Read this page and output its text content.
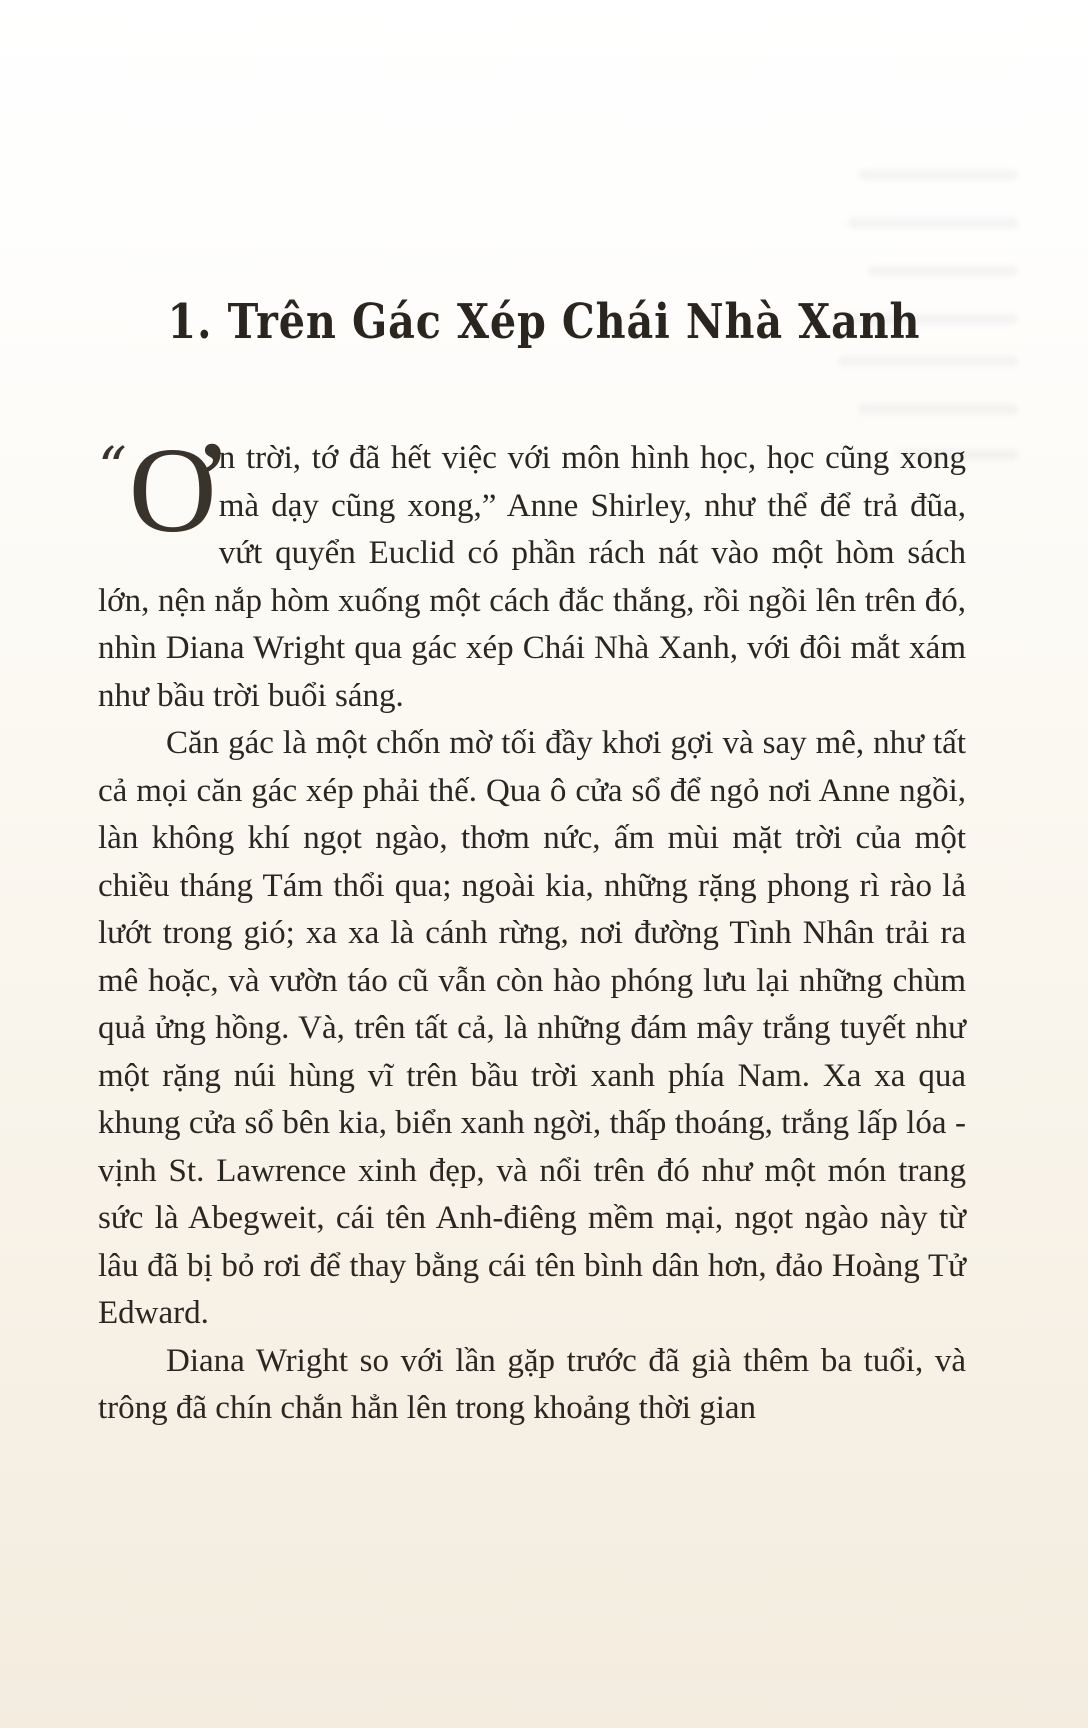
1. Trên Gác Xép Chái Nhà Xanh

“ Ơ n trời, tớ đã hết việc với môn hình học, học cũng xong mà dạy cũng xong,” Anne Shirley, như thể để trả đũa, vứt quyển Euclid có phần rách nát vào một hòm sách lớn, nện nắp hòm xuống một cách đắc thắng, rồi ngồi lên trên đó, nhìn Diana Wright qua gác xép Chái Nhà Xanh, với đôi mắt xám như bầu trời buổi sáng.

Căn gác là một chốn mờ tối đầy khơi gợi và say mê, như tất cả mọi căn gác xép phải thế. Qua ô cửa sổ để ngỏ nơi Anne ngồi, làn không khí ngọt ngào, thơm nức, ấm mùi mặt trời của một chiều tháng Tám thổi qua; ngoài kia, những rặng phong rì rào lả lướt trong gió; xa xa là cánh rừng, nơi đường Tình Nhân trải ra mê hoặc, và vườn táo cũ vẫn còn hào phóng lưu lại những chùm quả ửng hồng. Và, trên tất cả, là những đám mây trắng tuyết như một rặng núi hùng vĩ trên bầu trời xanh phía Nam. Xa xa qua khung cửa sổ bên kia, biển xanh ngời, thấp thoáng, trắng lấp lóa - vịnh St. Lawrence xinh đẹp, và nổi trên đó như một món trang sức là Abegweit, cái tên Anh-điêng mềm mại, ngọt ngào này từ lâu đã bị bỏ rơi để thay bằng cái tên bình dân hơn, đảo Hoàng Tử Edward.

Diana Wright so với lần gặp trước đã già thêm ba tuổi, và trông đã chín chắn hẳn lên trong khoảng thời gian
